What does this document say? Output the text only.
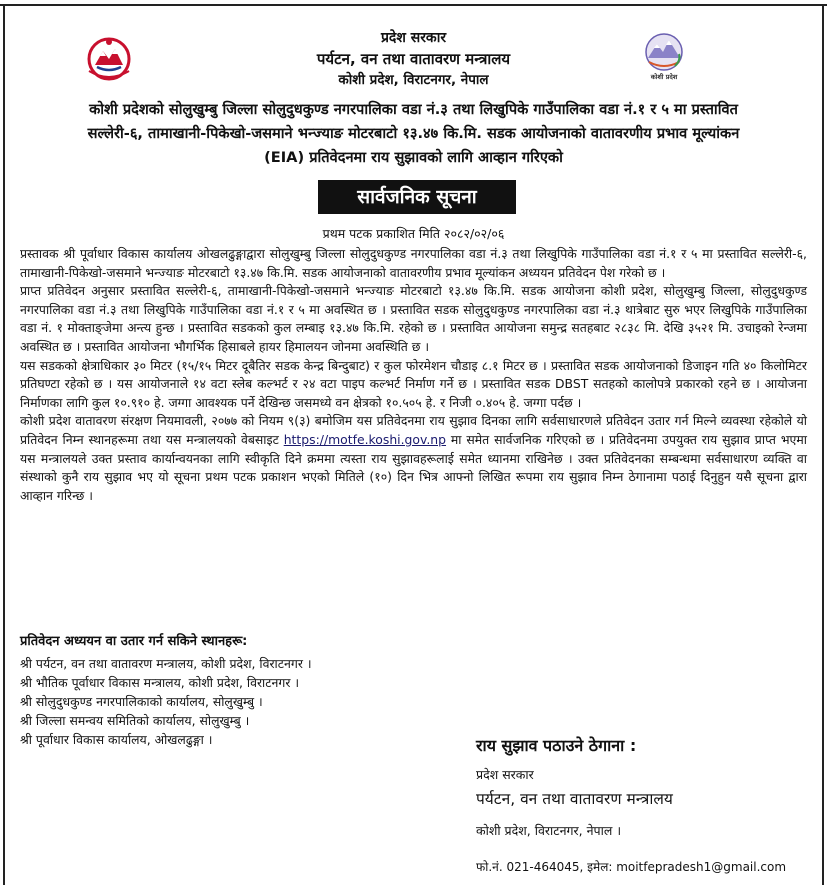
कोशी प्रदेश
प्रदेश सरकार
पर्यटन, वन तथा वातावरण मन्त्रालय
कोशी प्रदेश, विराटनगर, नेपाल
कोशी प्रदेशको सोलुखुम्बु जिल्ला सोलुदुधकुण्ड नगरपालिका वडा नं.३ तथा लिखुपिके गाउँपालिका वडा नं.१ र ५ मा प्रस्तावित
सल्लेरी-६, तामाखानी-पिकेखो-जसमाने भन्ज्याङ मोटरबाटो १३.४७ कि.मि. सडक आयोजनाको वातावरणीय प्रभाव मूल्यांकन
(EIA) प्रतिवेदनमा राय सुझावको लागि आव्हान गरिएको
सार्वजनिक सूचना
प्रथम पटक प्रकाशित मिति २०८२/०२/०६

प्रस्तावक श्री पूर्वाधार विकास कार्यालय ओखलढुङ्गाद्वारा सोलुखुम्बु जिल्ला सोलुदुधकुण्ड नगरपालिका वडा नं.३ तथा लिखुपिके गाउँपालिका वडा नं.१ र ५ मा प्रस्तावित सल्लेरी-६, तामाखानी-पिकेखो-जसमाने भन्ज्याङ मोटरबाटो १३.४७ कि.मि. सडक आयोजनाको वातावरणीय प्रभाव मूल्यांकन अध्ययन प्रतिवेदन पेश गरेको छ ।

प्राप्त प्रतिवेदन अनुसार प्रस्तावित सल्लेरी-६, तामाखानी-पिकेखो-जसमाने भन्ज्याङ मोटरबाटो १३.४७ कि.मि. सडक आयोजना कोशी प्रदेश, सोलुखुम्बु जिल्ला, सोलुदुधकुण्ड नगरपालिका वडा नं.३ तथा लिखुपिके गाउँपालिका वडा नं.१ र ५ मा अवस्थित छ । प्रस्तावित सडक सोलुदुधकुण्ड नगरपालिका वडा नं.३ थात्रेबाट सुरु भएर लिखुपिके गाउँपालिका वडा नं. १ मोक्ताङ्जेमा अन्त्य हुन्छ । प्रस्तावित सडकको कुल लम्बाइ १३.४७ कि.मि. रहेको छ । प्रस्तावित आयोजना समुन्द्र सतहबाट २८३८ मि. देखि ३५२१ मि. उचाइको रेन्जमा अवस्थित छ । प्रस्तावित आयोजना भौगर्भिक हिसाबले हायर हिमालयन जोनमा अवस्थिति छ ।

यस सडकको क्षेत्राधिकार ३० मिटर (१५/१५ मिटर दूबैतिर सडक केन्द्र बिन्दुबाट) र कुल फोरमेशन चौडाइ ८.१ मिटर छ । प्रस्तावित सडक आयोजनाको डिजाइन गति ४० किलोमिटर प्रतिघण्टा रहेको छ । यस आयोजनाले १४ वटा स्लेब कल्भर्ट र २४ वटा पाइप कल्भर्ट निर्माण गर्ने छ । प्रस्तावित सडक DBST सतहको कालोपत्रे प्रकारको रहने छ । आयोजना निर्माणका लागि कुल १०.९१० हे. जग्गा आवश्यक पर्ने देखिन्छ जसमध्ये वन क्षेत्रको १०.५०५ हे. र निजी ०.४०५ हे. जग्गा पर्दछ ।

कोशी प्रदेश वातावरण संरक्षण नियमावली, २०७७ को नियम ९(३) बमोजिम यस प्रतिवेदनमा राय सुझाव दिनका लागि सर्वसाधारणले प्रतिवेदन उतार गर्न मिल्ने व्यवस्था रहेकोले यो प्रतिवेदन निम्न स्थानहरूमा तथा यस मन्त्रालयको वेबसाइट https://motfe.koshi.gov.np मा समेत सार्वजनिक गरिएको छ । प्रतिवेदनमा उपयुक्त राय सुझाव प्राप्त भएमा यस मन्त्रालयले उक्त प्रस्ताव कार्यान्वयनका लागि स्वीकृति दिने क्रममा त्यस्ता राय सुझावहरूलाई समेत ध्यानमा राखिनेछ । उक्त प्रतिवेदनका सम्बन्धमा सर्वसाधारण व्यक्ति वा संस्थाको कुनै राय सुझाव भए यो सूचना प्रथम पटक प्रकाशन भएको मितिले (१०) दिन भित्र आफ्नो लिखित रूपमा राय सुझाव निम्न ठेगानामा पठाई दिनुहुन यसै सूचना द्वारा आव्हान गरिन्छ ।

प्रतिवेदन अध्ययन वा उतार गर्न सकिने स्थानहरू:
श्री पर्यटन, वन तथा वातावरण मन्त्रालय, कोशी प्रदेश, विराटनगर ।
श्री भौतिक पूर्वाधार विकास मन्त्रालय, कोशी प्रदेश, विराटनगर ।
श्री सोलुदुधकुण्ड नगरपालिकाको कार्यालय, सोलुखुम्बु ।
श्री जिल्ला समन्वय समितिको कार्यालय, सोलुखुम्बु ।
श्री पूर्वाधार विकास कार्यालय, ओखलढुङ्गा ।	राय सुझाव पठाउने ठेगाना :
प्रदेश सरकार
पर्यटन, वन तथा वातावरण मन्त्रालय
कोशी प्रदेश, विराटनगर, नेपाल ।
फो.नं. 021-464045, इमेल: moitfepradesh1@gmail.com
